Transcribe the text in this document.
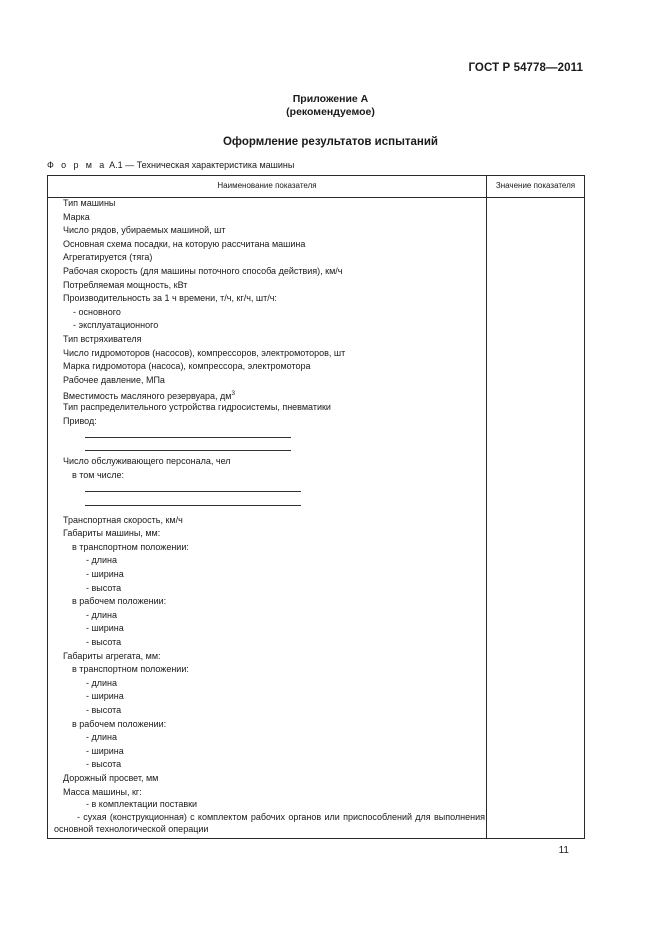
ГОСТ Р 54778—2011
Приложение А
(рекомендуемое)
Оформление результатов испытаний
Ф о р м а А.1 — Техническая характеристика машины
Наименование показателя	Значение показателя
Тип машины
Марка
Число рядов, убираемых машиной, шт
Основная схема посадки, на которую рассчитана машина
Агрегатируется (тяга)
Рабочая скорость (для машины поточного способа действия), км/ч
Потребляемая мощность, кВт
Производительность за 1 ч времени, т/ч, кг/ч, шт/ч:
- основного
- эксплуатационного
Тип встряхивателя
Число гидромоторов (насосов), компрессоров, электромоторов, шт
Марка гидромотора (насоса), компрессора, электромотора
Рабочее давление, МПа
Вместимость масляного резервуара, $дм^3$
Тип распределительного устройства гидросистемы, пневматики
Привод:
Число обслуживающего персонала, чел
в том числе:
Транспортная скорость, км/ч
Габариты машины, мм:
в транспортном положении:
- длина
- ширина
- высота
в рабочем положении:
- длина
- ширина
- высота
Габариты агрегата, мм:
в транспортном положении:
- длина
- ширина
- высота
в рабочем положении:
- длина
- ширина
- высота
Дорожный просвет, мм
Масса машины, кг:
- в комплектации поставки
- сухая (конструкционная) с комплектом рабочих органов или приспособлений для выполнения основной технологической операции
11
